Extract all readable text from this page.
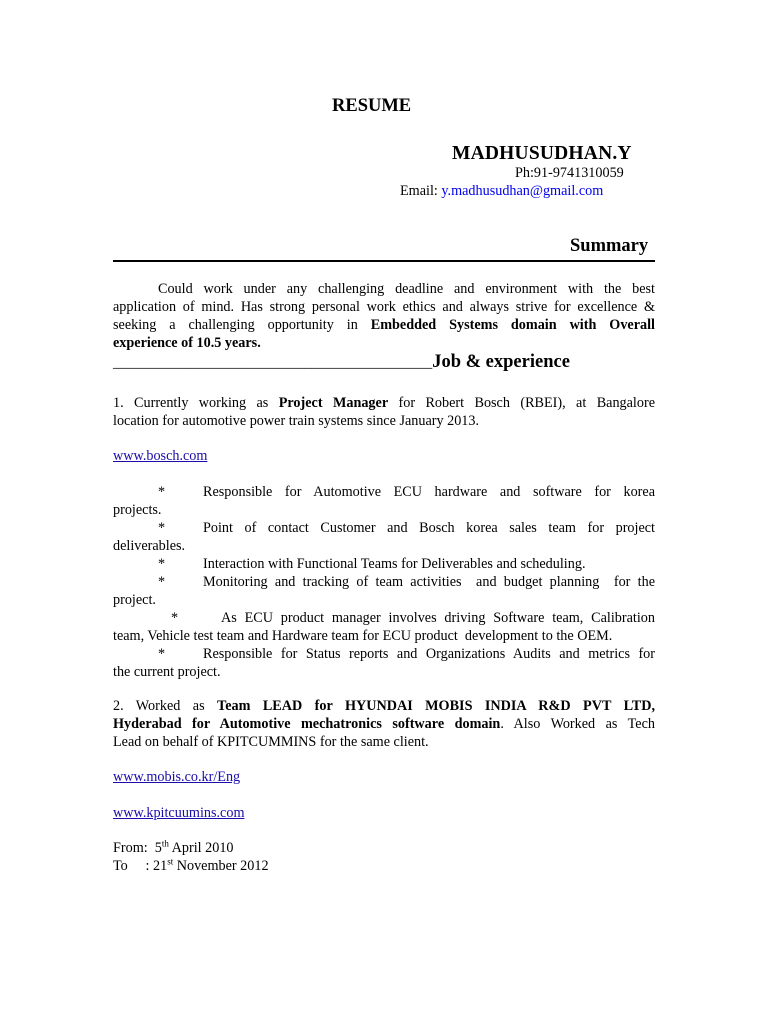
RESUME
MADHUSUDHAN.Y
Ph:91-9741310059
Email: y.madhusudhan@gmail.com
Summary
Could work under any challenging deadline and environment with the best
application of mind. Has strong personal work ethics and always strive for excellence &
seeking a challenging opportunity in Embedded Systems domain with Overall
experience of 10.5 years.
_____________________________________________Job & experience
1. Currently working as Project Manager for Robert Bosch (RBEI), at Bangalore
location for automotive power train systems since January 2013.
www.bosch.com
*	Responsible for Automotive ECU hardware and software for korea
projects.
*	Point of contact Customer and Bosch korea sales team for project
deliverables.
*	Interaction with Functional Teams for Deliverables and scheduling.
*	Monitoring and tracking of team activities  and budget planning  for the
project.
*	As ECU product manager involves driving Software team, Calibration
team, Vehicle test team and Hardware team for ECU product  development to the OEM.
*	Responsible for Status reports and Organizations Audits and metrics for
the current project.
2. Worked as Team LEAD for HYUNDAI MOBIS INDIA R&D PVT LTD,
Hyderabad for Automotive mechatronics software domain. Also Worked as Tech
Lead on behalf of KPITCUMMINS for the same client.
www.mobis.co.kr/Eng
www.kpitcuumins.com
From:  5th April 2010
To     : 21st November 2012
